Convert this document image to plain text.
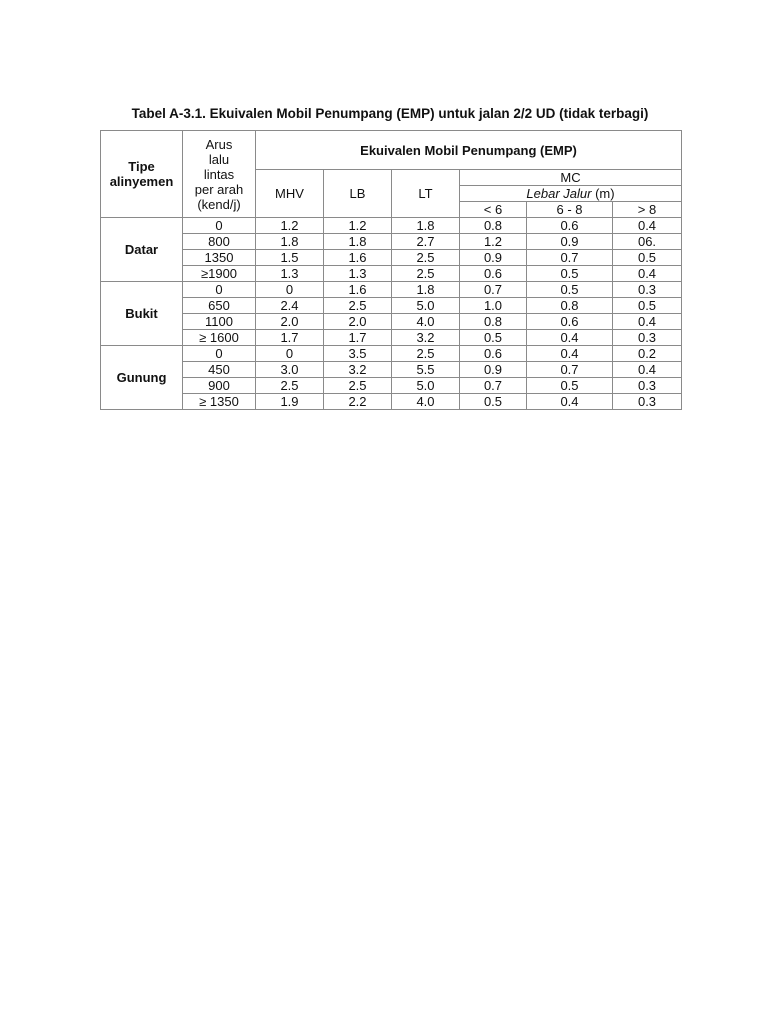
Tabel A-3.1. Ekuivalen Mobil Penumpang (EMP) untuk jalan 2/2 UD (tidak terbagi)
Tipe
alinyemen	Arus
lalu
lintas
per arah
(kend/j)	Ekuivalen Mobil Penumpang (EMP)					
		MHV	LB	LT	MC		
					Lebar Jalur (m)		
					< 6	6 - 8	> 8
Datar	0	1.2	1.2	1.8	0.8	0.6	0.4
	800	1.8	1.8	2.7	1.2	0.9	06.
	1350	1.5	1.6	2.5	0.9	0.7	0.5
	≥1900	1.3	1.3	2.5	0.6	0.5	0.4
Bukit	0	0	1.6	1.8	0.7	0.5	0.3
	650	2.4	2.5	5.0	1.0	0.8	0.5
	1100	2.0	2.0	4.0	0.8	0.6	0.4
	≥ 1600	1.7	1.7	3.2	0.5	0.4	0.3
Gunung	0	0	3.5	2.5	0.6	0.4	0.2
	450	3.0	3.2	5.5	0.9	0.7	0.4
	900	2.5	2.5	5.0	0.7	0.5	0.3
	≥ 1350	1.9	2.2	4.0	0.5	0.4	0.3
